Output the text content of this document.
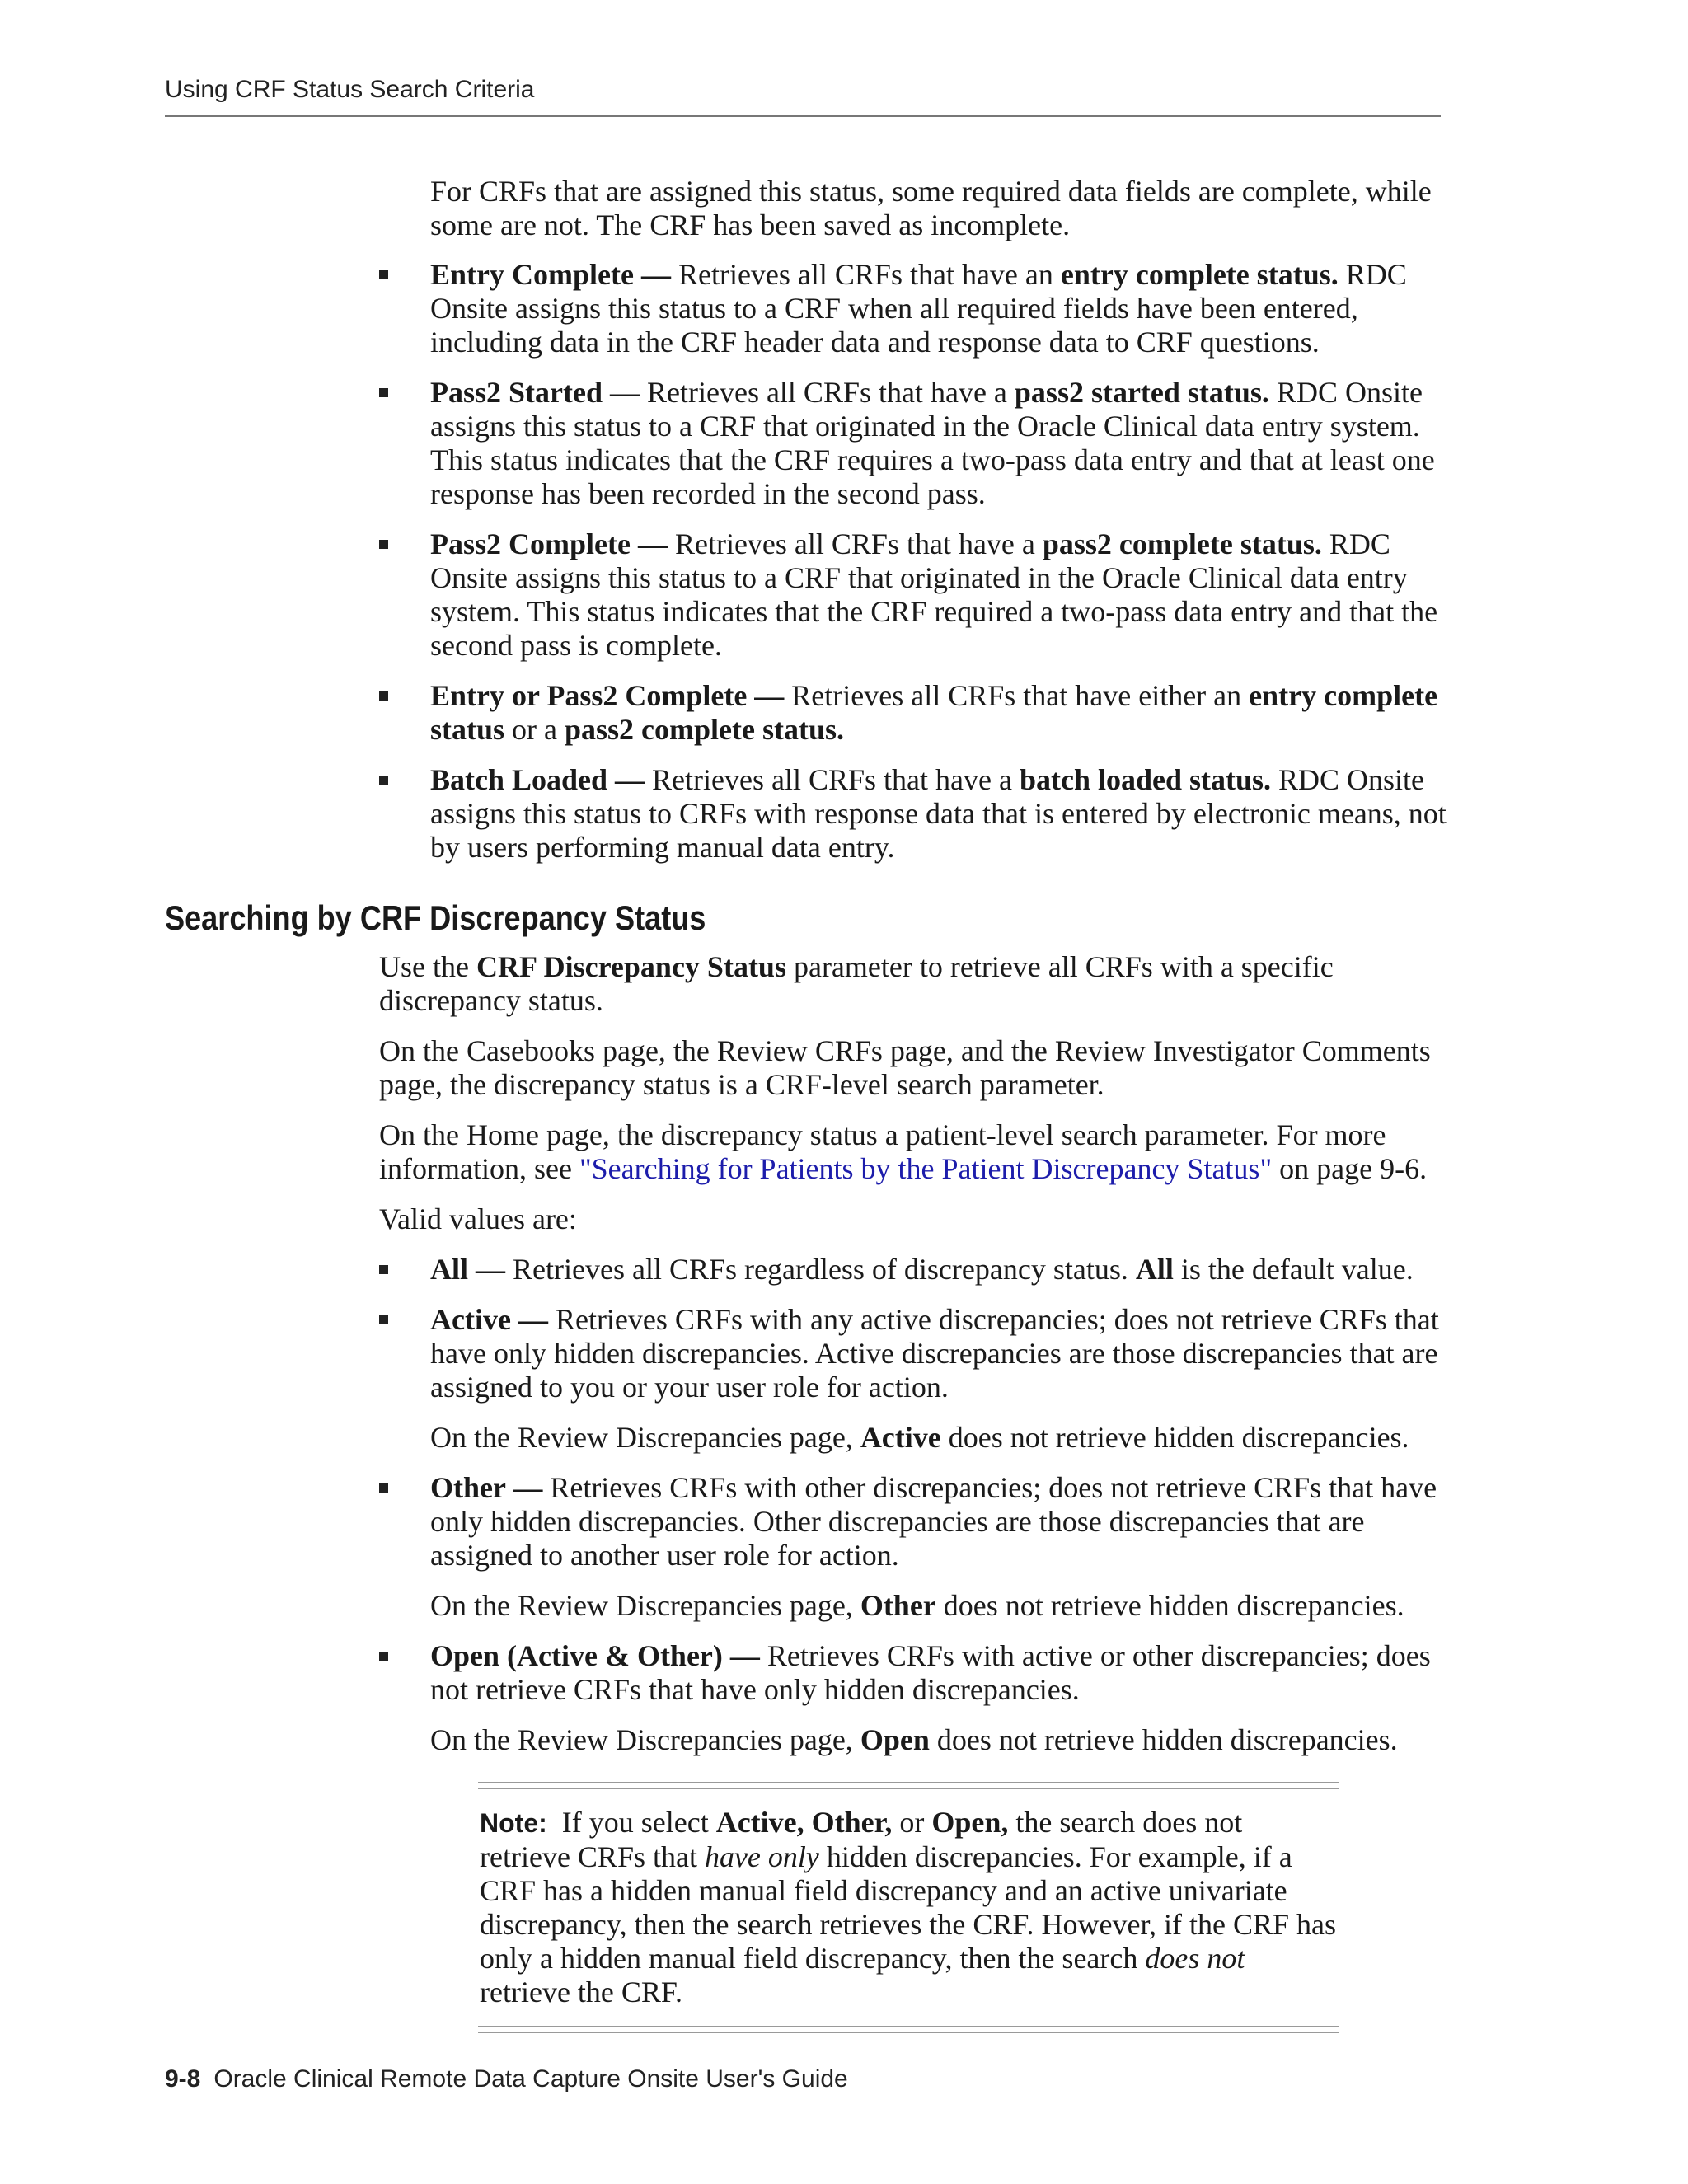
Using CRF Status Search Criteria

For CRFs that are assigned this status, some required data fields are complete, while some are not. The CRF has been saved as incomplete.

Entry Complete — Retrieves all CRFs that have an entry complete status. RDC Onsite assigns this status to a CRF when all required fields have been entered, including data in the CRF header data and response data to CRF questions.

Pass2 Started — Retrieves all CRFs that have a pass2 started status. RDC Onsite assigns this status to a CRF that originated in the Oracle Clinical data entry system. This status indicates that the CRF requires a two-pass data entry and that at least one response has been recorded in the second pass.

Pass2 Complete — Retrieves all CRFs that have a pass2 complete status. RDC Onsite assigns this status to a CRF that originated in the Oracle Clinical data entry system. This status indicates that the CRF required a two-pass data entry and that the second pass is complete.

Entry or Pass2 Complete — Retrieves all CRFs that have either an entry complete status or a pass2 complete status.

Batch Loaded — Retrieves all CRFs that have a batch loaded status. RDC Onsite assigns this status to CRFs with response data that is entered by electronic means, not by users performing manual data entry.

Searching by CRF Discrepancy Status

Use the CRF Discrepancy Status parameter to retrieve all CRFs with a specific discrepancy status.

On the Casebooks page, the Review CRFs page, and the Review Investigator Comments page, the discrepancy status is a CRF-level search parameter.

On the Home page, the discrepancy status a patient-level search parameter. For more information, see "Searching for Patients by the Patient Discrepancy Status" on page 9-6.

Valid values are:

All — Retrieves all CRFs regardless of discrepancy status. All is the default value.

Active — Retrieves CRFs with any active discrepancies; does not retrieve CRFs that have only hidden discrepancies. Active discrepancies are those discrepancies that are assigned to you or your user role for action.

On the Review Discrepancies page, Active does not retrieve hidden discrepancies.

Other — Retrieves CRFs with other discrepancies; does not retrieve CRFs that have only hidden discrepancies. Other discrepancies are those discrepancies that are assigned to another user role for action.

On the Review Discrepancies page, Other does not retrieve hidden discrepancies.

Open (Active & Other) — Retrieves CRFs with active or other discrepancies; does not retrieve CRFs that have only hidden discrepancies.

On the Review Discrepancies page, Open does not retrieve hidden discrepancies.

Note: If you select Active, Other, or Open, the search does not retrieve CRFs that have only hidden discrepancies. For example, if a CRF has a hidden manual field discrepancy and an active univariate discrepancy, then the search retrieves the CRF. However, if the CRF has only a hidden manual field discrepancy, then the search does not retrieve the CRF.

9-8 Oracle Clinical Remote Data Capture Onsite User's Guide
